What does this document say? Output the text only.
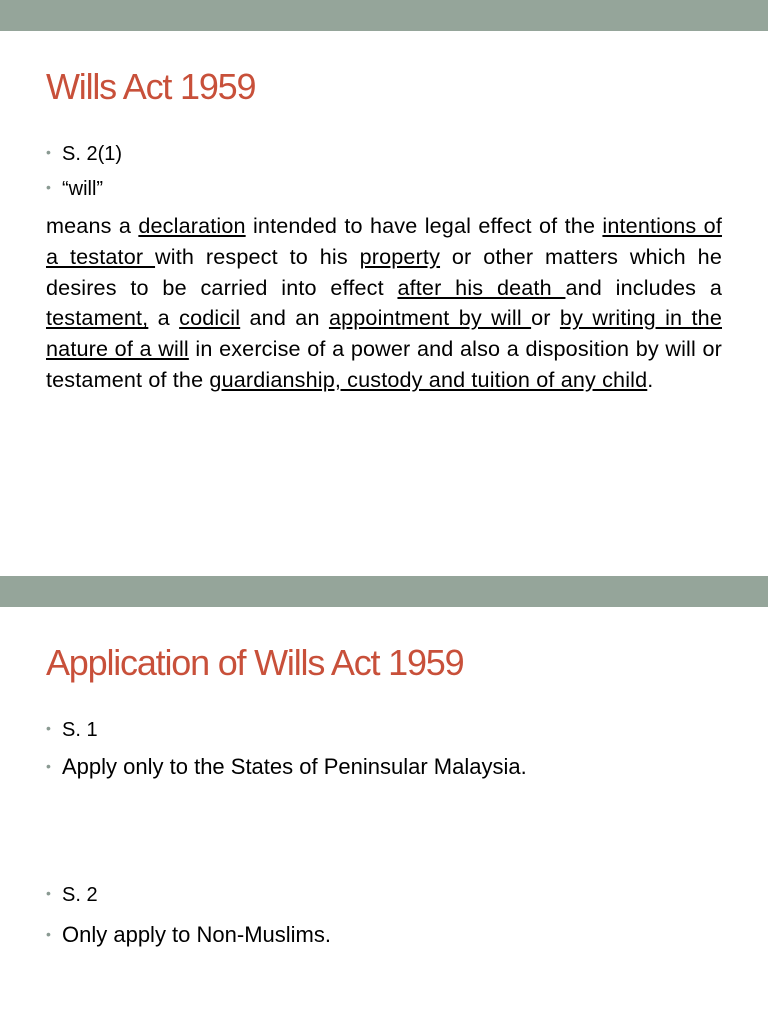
Wills Act 1959

• S. 2(1)

• “will”

means a declaration intended to have legal effect of the intentions of a testator with respect to his property or other matters which he desires to be carried into effect after his death and includes a testament, a codicil and an appointment by will or by writing in the nature of a will in exercise of a power and also a disposition by will or testament of the guardianship, custody and tuition of any child.

Application of Wills Act 1959

• S. 1

• Apply only to the States of Peninsular Malaysia.

• S. 2

• Only apply to Non-Muslims.
